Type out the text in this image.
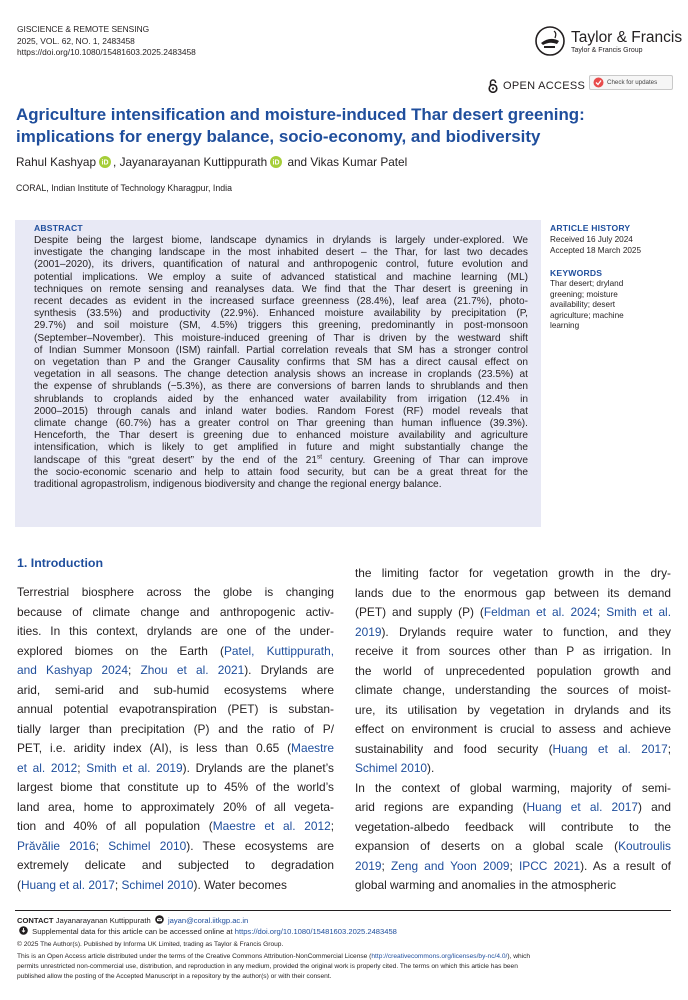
GISCIENCE & REMOTE SENSING
2025, VOL. 62, NO. 1, 2483458
https://doi.org/10.1080/15481603.2025.2483458
Taylor & Francis
Taylor & Francis Group
OPEN ACCESS	Check for updates
Agriculture intensification and moisture-induced Thar desert greening:
implications for energy balance, socio-economy, and biodiversity
Rahul Kashyap iD , Jayanarayanan Kuttippurath iD
and Vikas Kumar Patel
CORAL, Indian Institute of Technology Kharagpur, India
ABSTRACT
Despite being the largest biome, landscape dynamics in drylands is largely under-explored. We
investigate the changing landscape in the most inhabited desert – the Thar, for last two decades
(2001–2020), its drivers, quantification of natural and anthropogenic control, future evolution and
potential implications. We employ a suite of advanced statistical and machine learning (ML)
techniques on remote sensing and reanalyses data. We find that the Thar desert is greening in
recent decades as evident in the increased surface greenness (28.4%), leaf area (21.7%), photo-
synthesis (33.5%) and productivity (22.9%). Enhanced moisture availability by precipitation (P,
29.7%) and soil moisture (SM, 4.5%) triggers this greening, predominantly in post-monsoon
(September–November). This moisture-induced greening of Thar is driven by the westward shift
of Indian Summer Monsoon (ISM) rainfall. Partial correlation reveals that SM has a stronger control
on vegetation than P and the Granger Causality confirms that SM has a direct causal effect on
vegetation in all seasons. The change detection analysis shows an increase in croplands (23.5%) at
the expense of shrublands (−5.3%), as there are conversions of barren lands to shrublands and then
shrublands to croplands aided by the enhanced water availability from irrigation (12.4% in
2000–2015) through canals and inland water bodies. Random Forest (RF) model reveals that
climate change (60.7%) has a greater control on Thar greening than human influence (39.3%).
Henceforth, the Thar desert is greening due to enhanced moisture availability and agriculture
intensification, which is likely to get amplified in future and might substantially change the
landscape of this “great desert” by the end of the 21st century. Greening of Thar can improve
the socio-economic scenario and help to attain food security, but can be a great threat for the
traditional agropastrolism, indigenous biodiversity and change the regional energy balance.
ARTICLE HISTORY
Received 16 July 2024
Accepted 18 March 2025
KEYWORDS
Thar desert; dryland
greening; moisture
availability; desert
agriculture; machine
learning
1. Introduction
Terrestrial biosphere across the globe is changing
because of climate change and anthropogenic activ-
ities. In this context, drylands are one of the under-
explored biomes on the Earth (Patel, Kuttippurath,
and Kashyap 2024; Zhou et al. 2021). Drylands are
arid, semi-arid and sub-humid ecosystems where
annual potential evapotranspiration (PET) is substan-
tially larger than precipitation (P) and the ratio of P/
PET, i.e. aridity index (AI), is less than 0.65 (Maestre
et al. 2012; Smith et al. 2019). Drylands are the planet’s
largest biome that constitute up to 45% of the world’s
land area, home to approximately 20% of all vegeta-
tion and 40% of all population (Maestre et al. 2012;
Prăvălie 2016; Schimel 2010). These ecosystems are
extremely delicate and subjected to degradation
(Huang et al. 2017; Schimel 2010). Water becomes
the limiting factor for vegetation growth in the dry-
lands due to the enormous gap between its demand
(PET) and supply (P) (Feldman et al. 2024; Smith et al.
2019). Drylands require water to function, and they
receive it from sources other than P as irrigation. In
the world of unprecedented population growth and
climate change, understanding the sources of moist-
ure, its utilisation by vegetation in drylands and its
effect on environment is crucial to assess and achieve
sustainability and food security (Huang et al. 2017;
Schimel 2010).
In the context of global warming, majority of semi-
arid regions are expanding (Huang et al. 2017) and
vegetation-albedo feedback will contribute to the
expansion of deserts on a global scale (Koutroulis
2019; Zeng and Yoon 2009; IPCC 2021). As a result of
global warming and anomalies in the atmospheric
CONTACT Jayanarayanan Kuttippurath jayan@coral.iitkgp.ac.in
Supplemental data for this article can be accessed online at https://doi.org/10.1080/15481603.2025.2483458
© 2025 The Author(s). Published by Informa UK Limited, trading as Taylor & Francis Group.
This is an Open Access article distributed under the terms of the Creative Commons Attribution-NonCommercial License (http://creativecommons.org/licenses/by-nc/4.0/), which
permits unrestricted non-commercial use, distribution, and reproduction in any medium, provided the original work is properly cited. The terms on which this article has been
published allow the posting of the Accepted Manuscript in a repository by the author(s) or with their consent.
